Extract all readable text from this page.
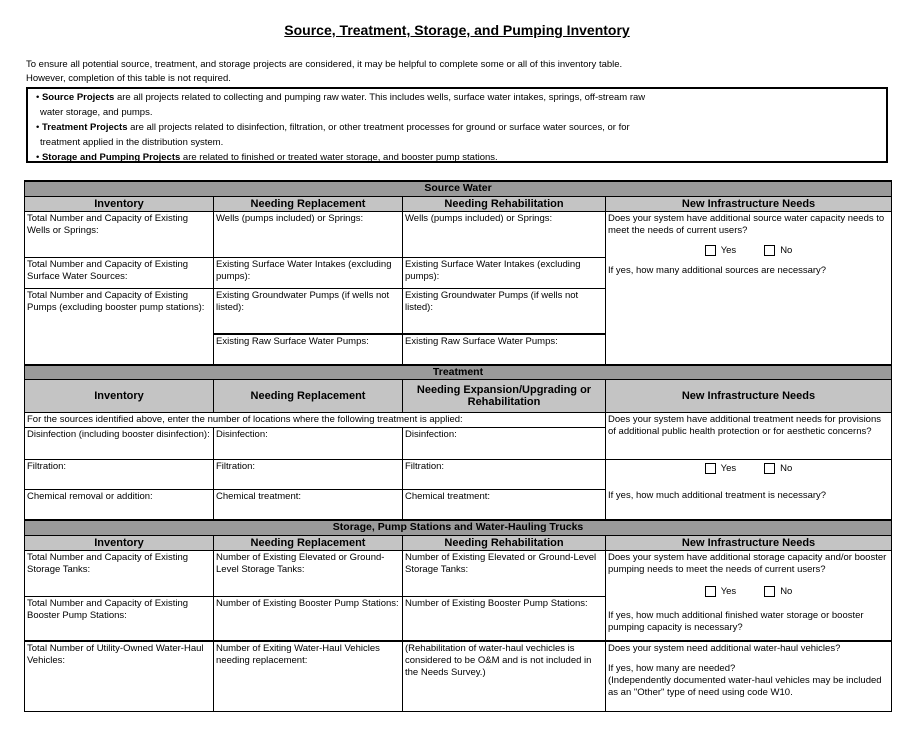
Source, Treatment, Storage, and Pumping Inventory
To ensure all potential source, treatment, and storage projects are considered, it may be helpful to complete some or all of this inventory table.
However, completion of this table is not required.
• Source Projects are all projects related to collecting and pumping raw water. This includes wells, surface water intakes, springs, off-stream raw
water storage, and pumps.
• Treatment Projects are all projects related to disinfection, filtration, or other treatment processes for ground or surface water sources, or for
treatment applied in the distribution system.
• Storage and Pumping Projects are related to finished or treated water storage, and booster pump stations.
Source Water			
Inventory	Needing Replacement	Needing Rehabilitation	New Infrastructure Needs
Total Number and Capacity of Existing Wells or Springs:	Wells (pumps included) or Springs:	Wells (pumps included) or Springs:	Does your system have additional source water capacity needs to meet the needs of current users?
Yes No
If yes, how many additional sources are necessary?

Total Number and Capacity of Existing Surface Water Sources:	Existing Surface Water Intakes (excluding pumps):	Existing Surface Water Intakes (excluding pumps):	
Total Number and Capacity of Existing Pumps (excluding booster pump stations):	Existing Groundwater Pumps (if wells not listed):	Existing Groundwater Pumps (if wells not listed):	
	Existing Raw Surface Water Pumps:	Existing Raw Surface Water Pumps:	
Treatment			
Inventory	Needing Replacement	Needing Expansion/Upgrading or Rehabilitation	New Infrastructure Needs
For the sources identified above, enter the number of locations where the following treatment is applied:			Does your system have additional treatment needs for provisions of additional public health protection or for aesthetic concerns?
Disinfection (including booster disinfection):	Disinfection:	Disinfection:	
Filtration:	Filtration:	Filtration:	Yes No

Chemical removal or addition:	Chemical treatment:	Chemical treatment:	If yes, how much additional treatment is necessary?
Storage, Pump Stations and Water-Hauling Trucks			
Inventory	Needing Replacement	Needing Rehabilitation	New Infrastructure Needs
Total Number and Capacity of Existing Storage Tanks:	Number of Existing Elevated or Ground-Level Storage Tanks:	Number of Existing Elevated or Ground-Level Storage Tanks:	Does your system have additional storage capacity and/or booster pumping needs to meet the needs of current users?
Yes No
If yes, how much additional finished water storage or booster pumping capacity is necessary?

Total Number and Capacity of Existing Booster Pump Stations:	Number of Existing Booster Pump Stations:	Number of Existing Booster Pump Stations:	
Total Number of Utility-Owned Water-Haul Vehicles:	Number of Exiting Water-Haul Vehicles needing replacement:	(Rehabilitation of water-haul vechicles is considered to be O&M and is not included in the Needs Survey.)	Does your system need additional water-haul vehicles?
If yes, how many are needed?
(Independently documented water-haul vehicles may be included as an "Other" type of need using code W10.
